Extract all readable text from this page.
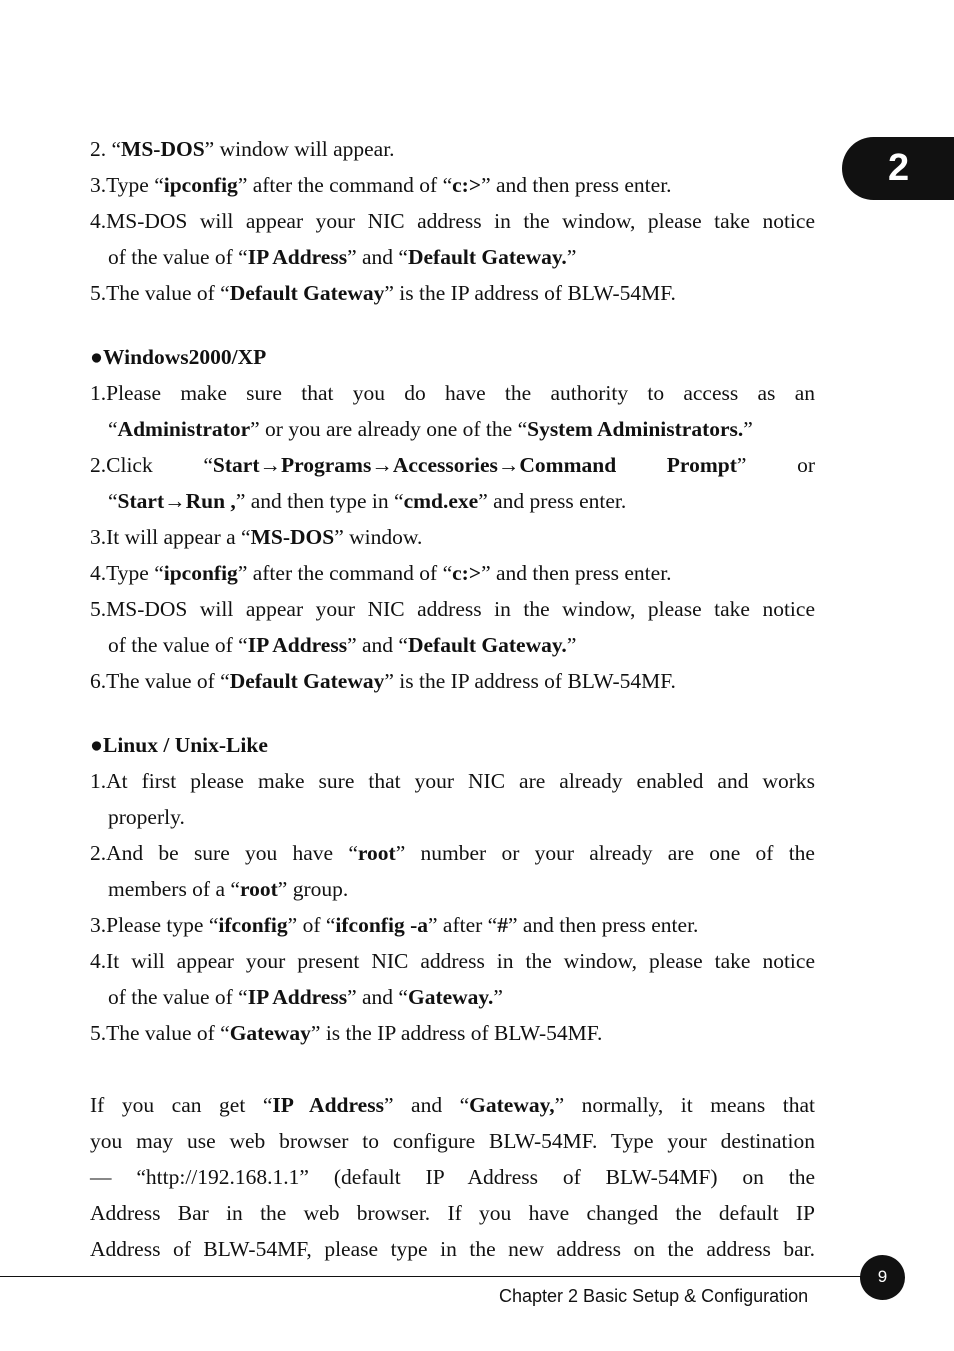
2
2. “MS-DOS” window will appear.
3.Type “ipconfig” after the command of “c:>” and then press enter.
4.MS-DOS will appear your NIC address in the window, please take notice
of the value of “IP Address” and “Default Gateway.”
5.The value of “Default Gateway” is the IP address of BLW-54MF.
●Windows2000/XP
1.Please make sure that you do have the authority to access as an
“Administrator” or you are already one of the “System Administrators.”
2.Click “Start→Programs→Accessories→Command Prompt” or
“Start→Run ,” and then type in “cmd.exe” and press enter.
3.It will appear a “MS-DOS” window.
4.Type “ipconfig” after the command of “c:>” and then press enter.
5.MS-DOS will appear your NIC address in the window, please take notice
of the value of “IP Address” and “Default Gateway.”
6.The value of “Default Gateway” is the IP address of BLW-54MF.
●Linux / Unix-Like
1.At first please make sure that your NIC are already enabled and works
properly.
2.And be sure you have “root” number or your already are one of the
members of a “root” group.
3.Please type “ifconfig” of “ifconfig -a” after “#” and then press enter.
4.It will appear your present NIC address in the window, please take notice
of the value of “IP Address” and “Gateway.”
5.The value of “Gateway” is the IP address of BLW-54MF.
If you can get “IP Address” and “Gateway,” normally, it means that
you may use web browser to configure BLW-54MF. Type your destination
— “http://192.168.1.1” (default IP Address of BLW-54MF) on the
Address Bar in the web browser. If you have changed the default IP
Address of BLW-54MF, please type in the new address on the address bar.
9
Chapter 2 Basic Setup & Configuration
